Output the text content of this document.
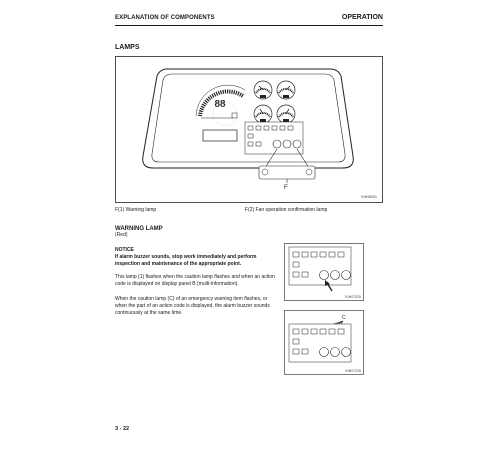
EXPLANATION OF COMPONENTS	OPERATION
LAMPS
88
F
9JH08051
F(1) Warning lamp	F(2) Fan operation confirmation lamp
WARNING LAMP
(Red)
NOTICE
If alarm buzzer sounds, stop work immediately and perform inspection and maintenance of the appropriate point.
This lamp (1) flashes when the caution lamp flashes and when an action code is displayed on display panel B (multi-information).
When the caution lamp (C) of an emergency warning item flashes, or when the part of an action code is displayed, the alarm buzzer sounds continuously at the same time.
9JH07225
C
9JH07226
3 - 22
